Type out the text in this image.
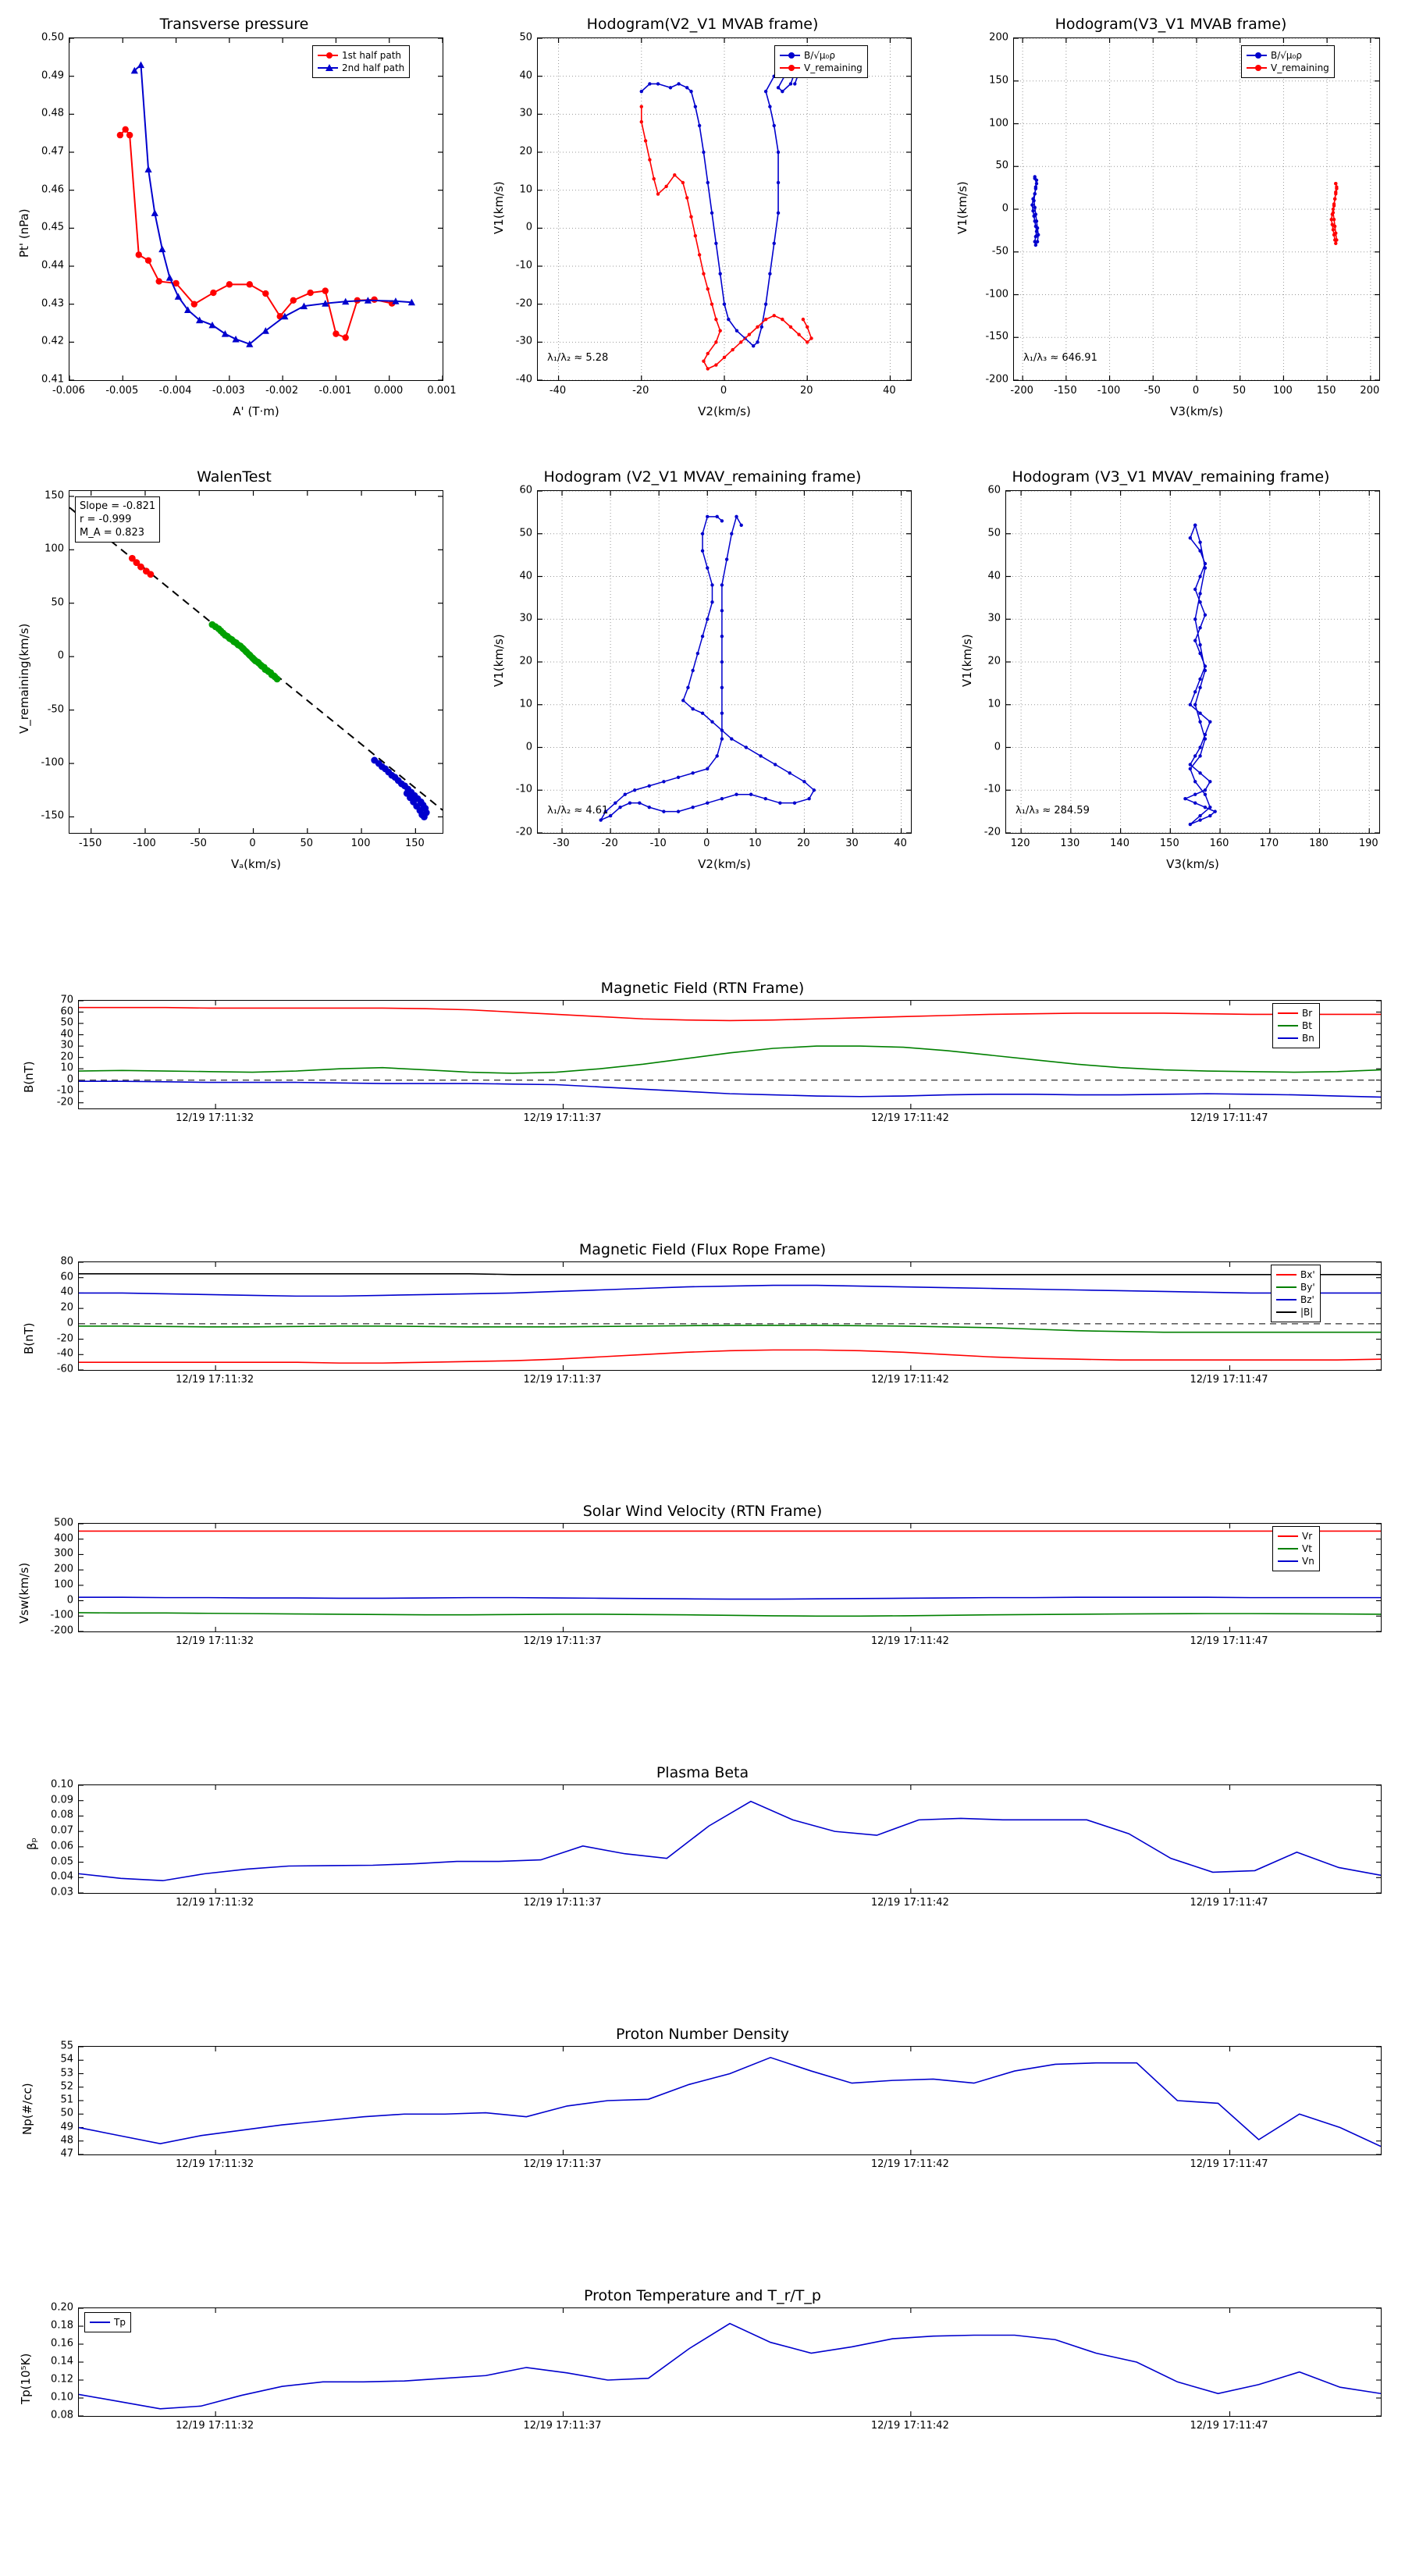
Transverse pressure
Pt' (nPa)
A' (T·m)
1st half path
2nd half path
-0.006 -0.005 -0.004 -0.003 -0.002 -0.001 0.000 0.001
0.41
0.42
0.43
0.44
0.45
0.46
0.47
0.48
0.49
0.50
Hodogram(V2_V1 MVAB frame)
V1(km/s)
V2(km/s)
B/√μ₀ρ
V_remaining
λ₁/λ₂ ≈ 5.28
-40	-20	0	20	40
-40
-30
-20
-10
0
10
20
30
40
50
Hodogram(V3_V1 MVAB frame)
V1(km/s)
V3(km/s)
B/√μ₀ρ
V_remaining
λ₁/λ₃ ≈ 646.91
-200 -150 -100 -50	0	50	100 150 200
-200
-150
-100
-50
0
50
100
150
200
WalenTest
V_remaining(km/s)
Vₐ(km/s)
Slope = -0.821
r = -0.999
M_A = 0.823
-150	-100	-50	0	50	100	150
-150
-100
-50
0
50
100
150
Hodogram (V2_V1 MVAV_remaining frame)
V1(km/s)
V2(km/s)
λ₁/λ₂ ≈ 4.61
-30	-20	-10	0	10	20	30	40
-20
-10
0
10
20
30
40
50
60
Hodogram (V3_V1 MVAV_remaining frame)
V1(km/s)
V3(km/s)
λ₁/λ₃ ≈ 284.59
120	130	140	150	160	170	180	190
-20
-10
0
10
20
30
40
50
60
Magnetic Field (RTN Frame)
B(nT)
Br
Bt
Bn
-20
-10
0
10
20
30
40
50
60
70
12/19 17:11:32	12/19 17:11:37	12/19 17:11:42	12/19 17:11:47
Magnetic Field (Flux Rope Frame)
B(nT)
Bx'
By'
Bz'
|B|
-60
-40
-20
0
20
40
60
80
12/19 17:11:32	12/19 17:11:37	12/19 17:11:42	12/19 17:11:47
Solar Wind Velocity (RTN Frame)
Vsw(km/s)
Vr
Vt
Vn
-200
-100
0
100
200
300
400
500
12/19 17:11:32	12/19 17:11:37	12/19 17:11:42	12/19 17:11:47
Plasma Beta
βₚ
0.03
0.04
0.05
0.06
0.07
0.08
0.09
0.10
12/19 17:11:32	12/19 17:11:37	12/19 17:11:42	12/19 17:11:47
Proton Number Density
Np(#/cc)
47
48
49
50
51
52
53
54
55
12/19 17:11:32	12/19 17:11:37	12/19 17:11:42	12/19 17:11:47
Proton Temperature and T_r/T_p
Tp(10⁵K)
Tp
0.08
0.10
0.12
0.14
0.16
0.18
0.20
12/19 17:11:32	12/19 17:11:37	12/19 17:11:42	12/19 17:11:47
